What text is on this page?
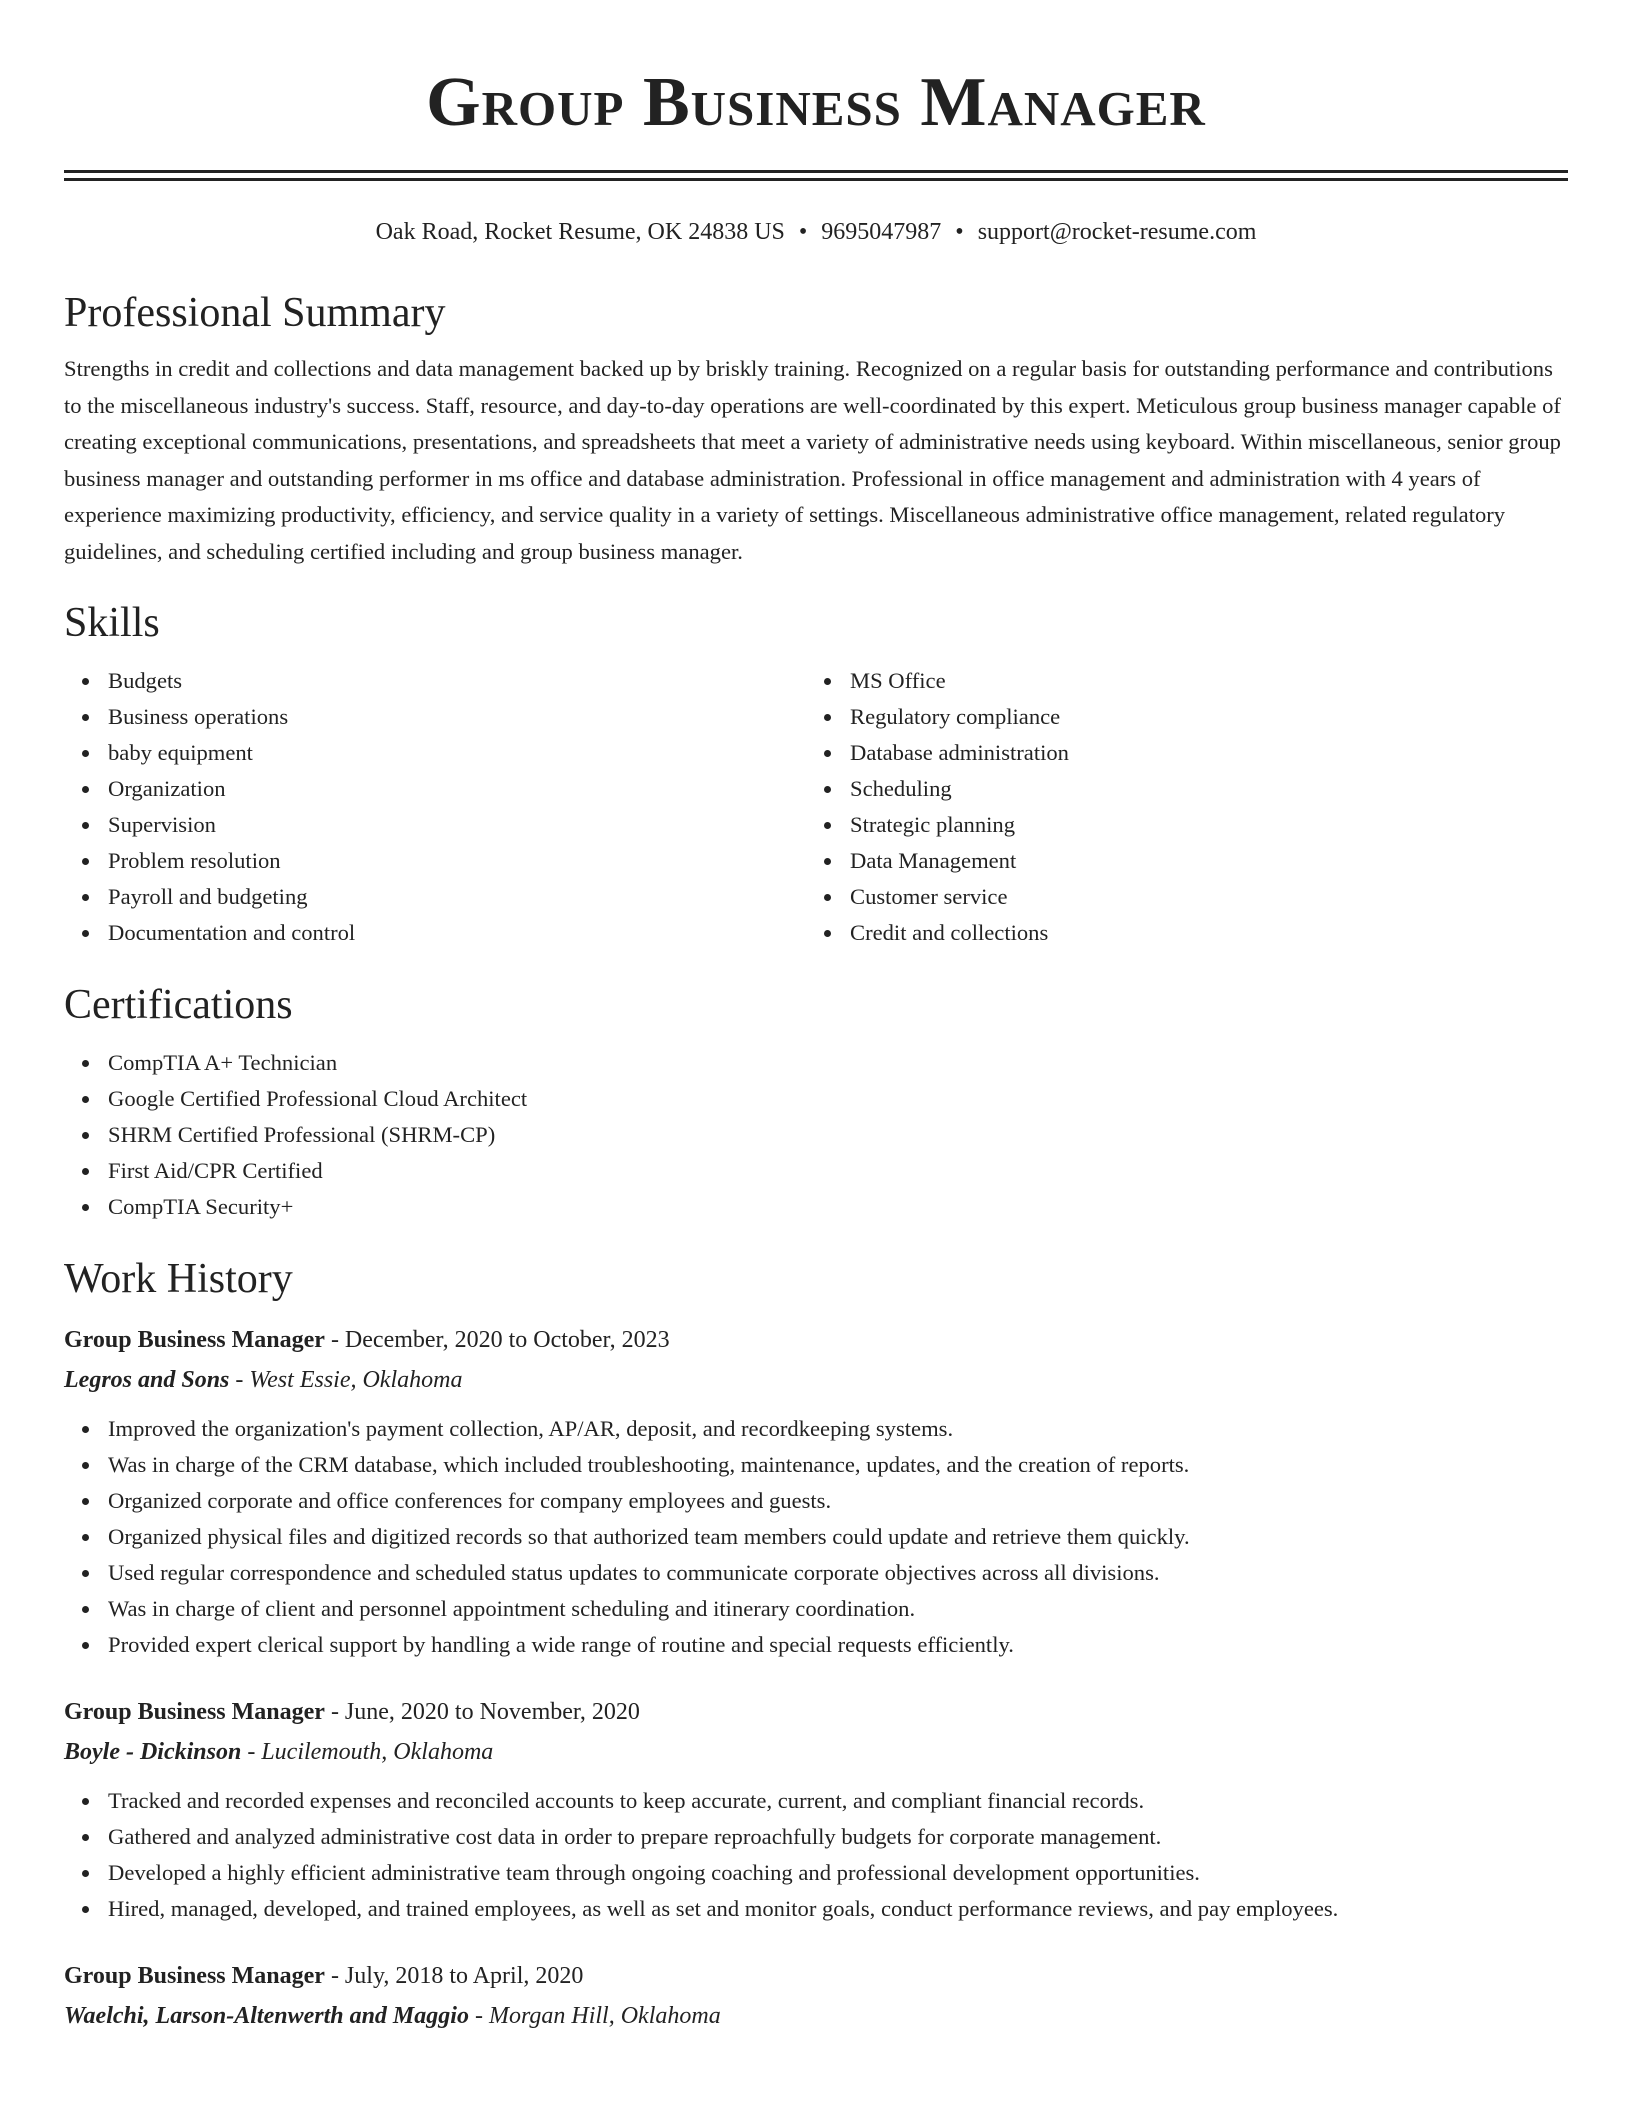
Group Business Manager
Oak Road, Rocket Resume, OK 24838 US • 9695047987 • support@rocket-resume.com
Professional Summary
Strengths in credit and collections and data management backed up by briskly training. Recognized on a regular basis for outstanding performance and contributions to the miscellaneous industry's success. Staff, resource, and day-to-day operations are well-coordinated by this expert. Meticulous group business manager capable of creating exceptional communications, presentations, and spreadsheets that meet a variety of administrative needs using keyboard. Within miscellaneous, senior group business manager and outstanding performer in ms office and database administration. Professional in office management and administration with 4 years of experience maximizing productivity, efficiency, and service quality in a variety of settings. Miscellaneous administrative office management, related regulatory guidelines, and scheduling certified including and group business manager.
Skills
Budgets
Business operations
baby equipment
Organization
Supervision
Problem resolution
Payroll and budgeting
Documentation and control
MS Office
Regulatory compliance
Database administration
Scheduling
Strategic planning
Data Management
Customer service
Credit and collections
Certifications
CompTIA A+ Technician
Google Certified Professional Cloud Architect
SHRM Certified Professional (SHRM-CP)
First Aid/CPR Certified
CompTIA Security+
Work History
Group Business Manager - December, 2020 to October, 2023
Legros and Sons - West Essie, Oklahoma
Improved the organization's payment collection, AP/AR, deposit, and recordkeeping systems.
Was in charge of the CRM database, which included troubleshooting, maintenance, updates, and the creation of reports.
Organized corporate and office conferences for company employees and guests.
Organized physical files and digitized records so that authorized team members could update and retrieve them quickly.
Used regular correspondence and scheduled status updates to communicate corporate objectives across all divisions.
Was in charge of client and personnel appointment scheduling and itinerary coordination.
Provided expert clerical support by handling a wide range of routine and special requests efficiently.
Group Business Manager - June, 2020 to November, 2020
Boyle - Dickinson - Lucilemouth, Oklahoma
Tracked and recorded expenses and reconciled accounts to keep accurate, current, and compliant financial records.
Gathered and analyzed administrative cost data in order to prepare reproachfully budgets for corporate management.
Developed a highly efficient administrative team through ongoing coaching and professional development opportunities.
Hired, managed, developed, and trained employees, as well as set and monitor goals, conduct performance reviews, and pay employees.
Group Business Manager - July, 2018 to April, 2020
Waelchi, Larson-Altenwerth and Maggio - Morgan Hill, Oklahoma
